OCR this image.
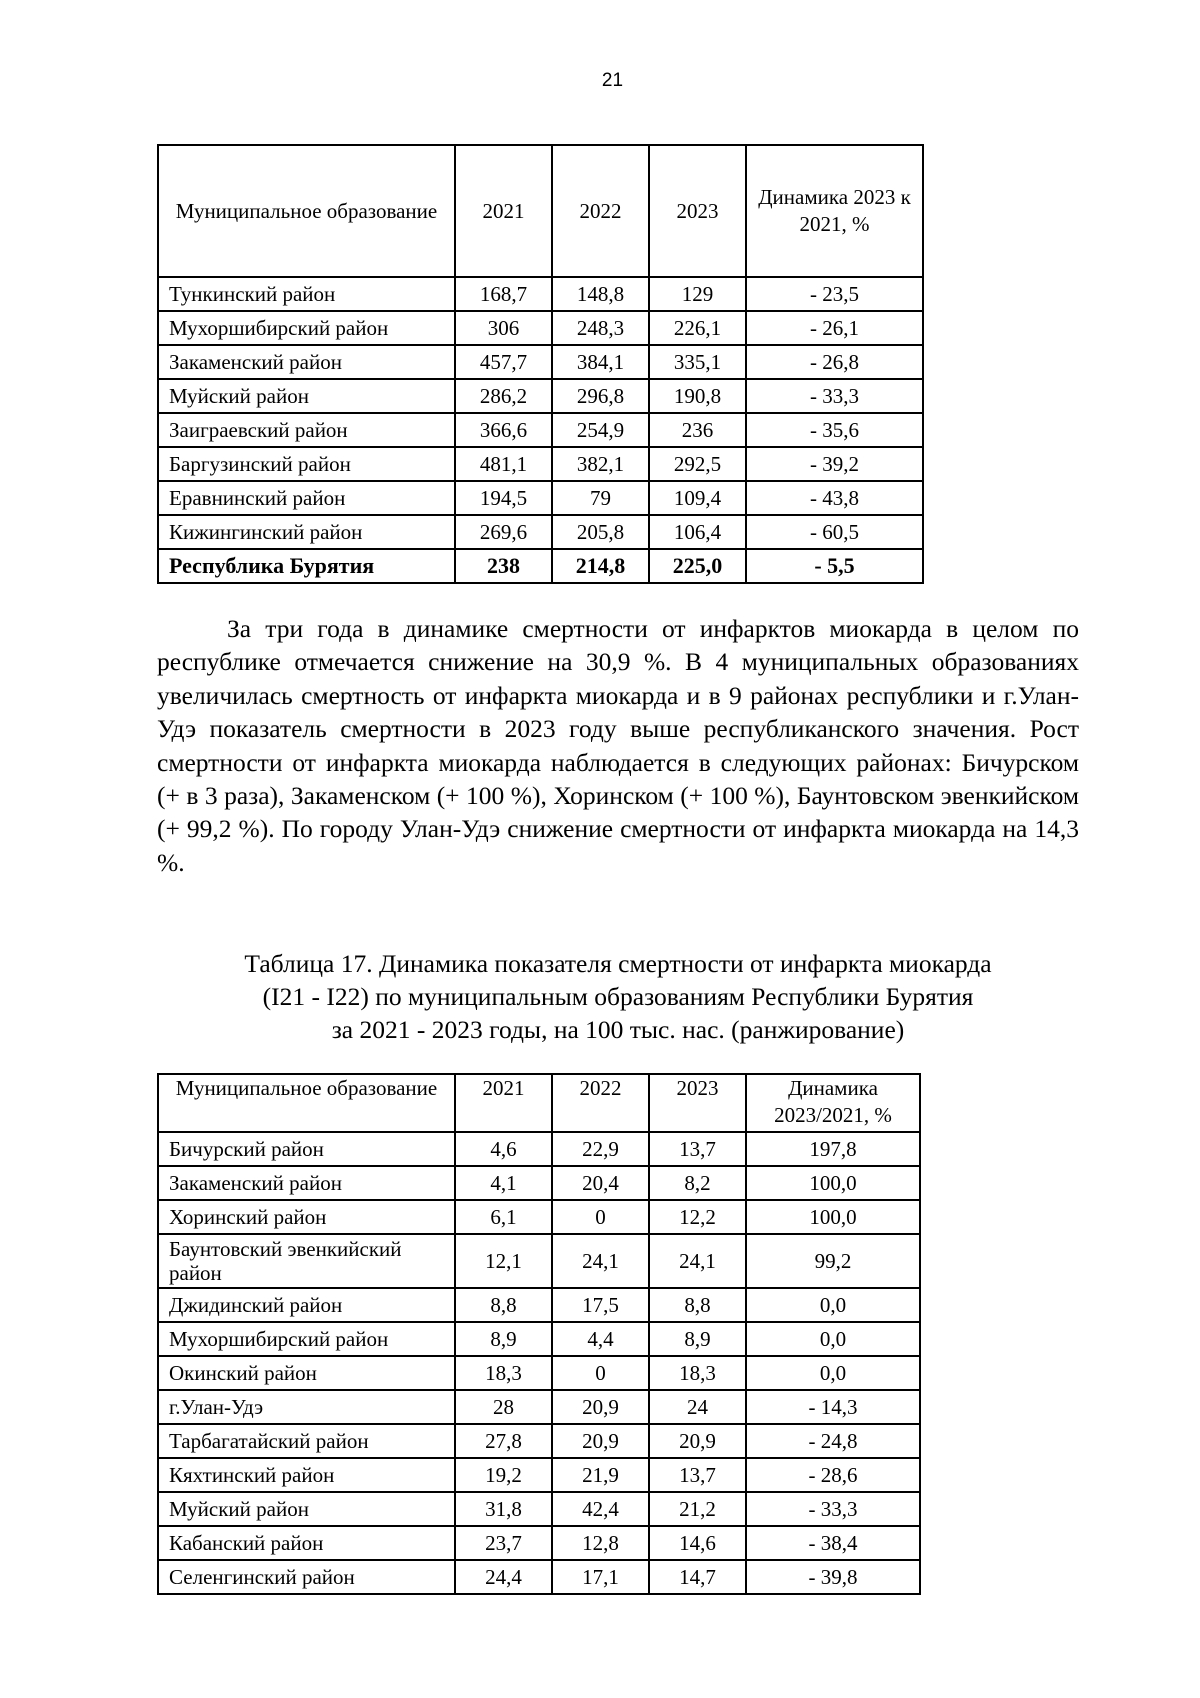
21
Муниципальное образование	2021	2022	2023	Динамика 2023 к 2021, %
Тункинский район	168,7	148,8	129	- 23,5
Мухоршибирский район	306	248,3	226,1	- 26,1
Закаменский район	457,7	384,1	335,1	- 26,8
Муйский район	286,2	296,8	190,8	- 33,3
Заиграевский район	366,6	254,9	236	- 35,6
Баргузинский район	481,1	382,1	292,5	- 39,2
Еравнинский район	194,5	79	109,4	- 43,8
Кижингинский район	269,6	205,8	106,4	- 60,5
Республика Бурятия	238	214,8	225,0	- 5,5

За три года в динамике смертности от инфарктов миокарда в целом по республике отмечается снижение на 30,9 %. В 4 муниципальных образованиях увеличилась смертность от инфаркта миокарда и в 9 районах республики и г.Улан-Удэ показатель смертности в 2023 году выше республиканского значения. Рост смертности от инфаркта миокарда наблюдается в следующих районах: Бичурском (+ в 3 раза), Закаменском (+ 100 %), Хоринском (+ 100 %), Баунтовском эвенкийском (+ 99,2 %). По городу Улан-Удэ снижение смертности от инфаркта миокарда на 14,3 %.

Таблица 17. Динамика показателя смертности от инфаркта миокарда
(I21 - I22) по муниципальным образованиям Республики Бурятия
за 2021 - 2023 годы, на 100 тыс. нас. (ранжирование)

Муниципальное образование	2021	2022	2023	Динамика 2023/2021, %
Бичурский район	4,6	22,9	13,7	197,8
Закаменский район	4,1	20,4	8,2	100,0
Хоринский район	6,1	0	12,2	100,0
Баунтовский эвенкийский район	12,1	24,1	24,1	99,2
Джидинский район	8,8	17,5	8,8	0,0
Мухоршибирский район	8,9	4,4	8,9	0,0
Окинский район	18,3	0	18,3	0,0
г.Улан-Удэ	28	20,9	24	- 14,3
Тарбагатайский район	27,8	20,9	20,9	- 24,8
Кяхтинский район	19,2	21,9	13,7	- 28,6
Муйский район	31,8	42,4	21,2	- 33,3
Кабанский район	23,7	12,8	14,6	- 38,4
Селенгинский район	24,4	17,1	14,7	- 39,8
